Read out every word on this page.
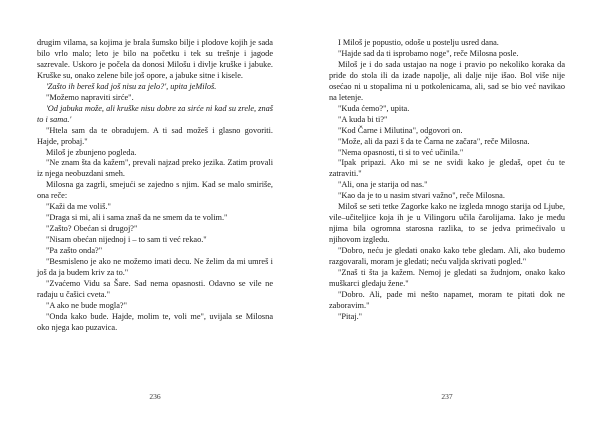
drugim vilama, sa kojima je brala šumsko bilje i plodove kojih je sada bilo vrlo malo; leto je bilo na početku i tek su trešnje i jagode sazrevale. Uskoro je počela da donosi Milošu i divlje kruške i jabuke. Kruške su, onako zelene bile još opore, a jabuke sitne i kisele.

'Zašto ih bereš kad još nisu za jelo?', upita jeMiloš.

"Možemo napraviti sirće".

'Od jabuka može, ali kruške nisu dobre za sirće ni kad su zrele, znaš to i sama.'

"Htela sam da te obradujem. A ti sad možeš i glasno govoriti. Hajde, probaj."

Miloš je zbunjeno pogleda.

"Ne znam šta da kažem", prevali najzad preko jezika. Zatim provali iz njega neobuzdani smeh.

Milosna ga zagrli, smejući se zajedno s njim. Kad se malo smiriše, ona reče:

"Kaži da me voliš."

"Draga si mi, ali i sama znaš da ne smem da te volim."

"Zašto? Obećan si drugoj?"

"Nisam obećan nijednoj i – to sam ti već rekao."

"Pa zašto onda?"

"Besmisleno je ako ne možemo imati decu. Ne želim da mi umreš i još da ja budem kriv za to."

"Zvaćemo Vidu sa Šare. Sad nema opasnosti. Odavno se vile ne rađaju u čašici cveta."

"A ako ne bude mogla?"

"Onda kako bude. Hajde, molim te, voli me", uvijala se Milosna oko njega kao puzavica.

I Miloš je popustio, odoše u postelju usred dana.

"Hajde sad da ti isprobamo noge", reče Milosna posle.

Miloš je i do sada ustajao na noge i pravio po nekoliko koraka da priđe do stola ili da izađe napolje, ali dalje nije išao. Bol više nije osećao ni u stopalima ni u potkolenicama, ali, sad se bio već navikao na letenje.

"Kuda ćemo?", upita.

"A kuda bi ti?"

"Kod Čarne i Milutina", odgovori on.

"Može, ali da pazi š da te Čarna ne začara", reče Milosna.

"Nema opasnosti, ti si to već učinila."

"Ipak pripazi. Ako mi se ne svidi kako je gledaš, opet ću te zatraviti."

"Ali, ona je starija od nas."

"Kao da je to u nasim stvari važno", reče Milosna.

Miloš se seti tetke Zagorke kako ne izgleda mnogo starija od Ljube, vile–učiteljice koja ih je u Vilingoru učila čarolijama. Iako je među njima bila ogromna starosna razlika, to se jedva primećivalo u njihovom izgledu.

"Dobro, neću je gledati onako kako tebe gledam. Ali, ako budemo razgovarali, moram je gledati; neću valjda skrivati pogled."

"Znaš ti šta ja kažem. Nemoj je gledati sa žudnjom, onako kako muškarci gledaju žene."

"Dobro. Ali, pade mi nešto napamet, moram te pitati dok ne zaboravim."

"Pitaj."

236	237
